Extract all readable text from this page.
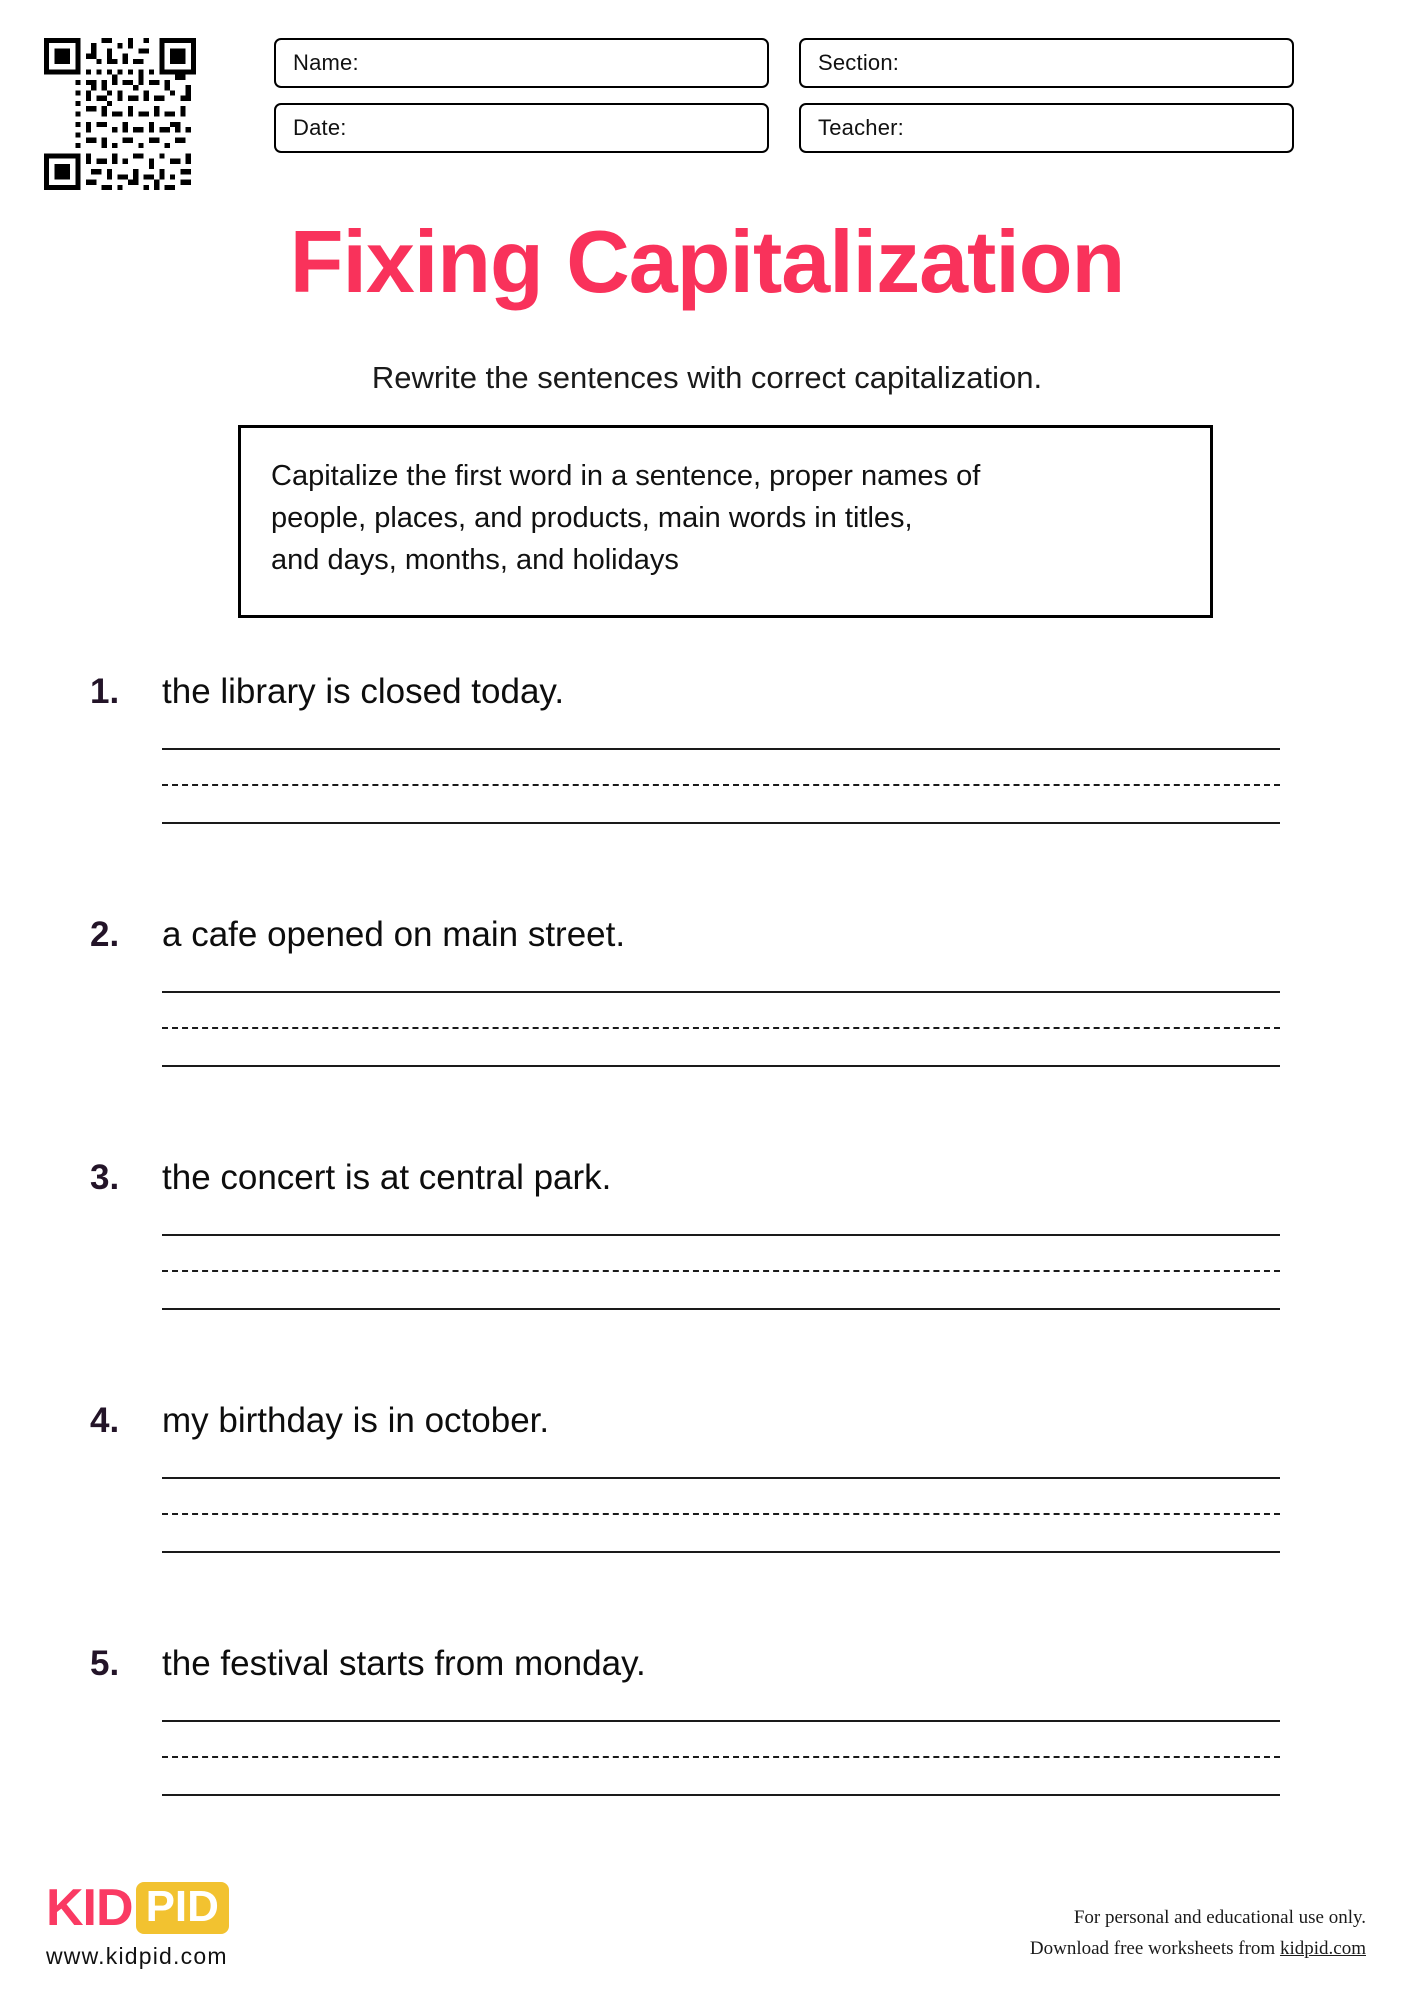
Name:	Section:
Date:	Teacher:
Fixing Capitalization
Rewrite the sentences with correct capitalization.
Capitalize the first word in a sentence, proper names of
people, places, and products, main words in titles,
and days, months, and holidays
1.	the library is closed today.
2.	a cafe opened on main street.
3.	the concert is at central park.
4.	my birthday is in october.
5.	the festival starts from monday.
KID PID
www.kidpid.com
For personal and educational use only.
Download free worksheets from kidpid.com
